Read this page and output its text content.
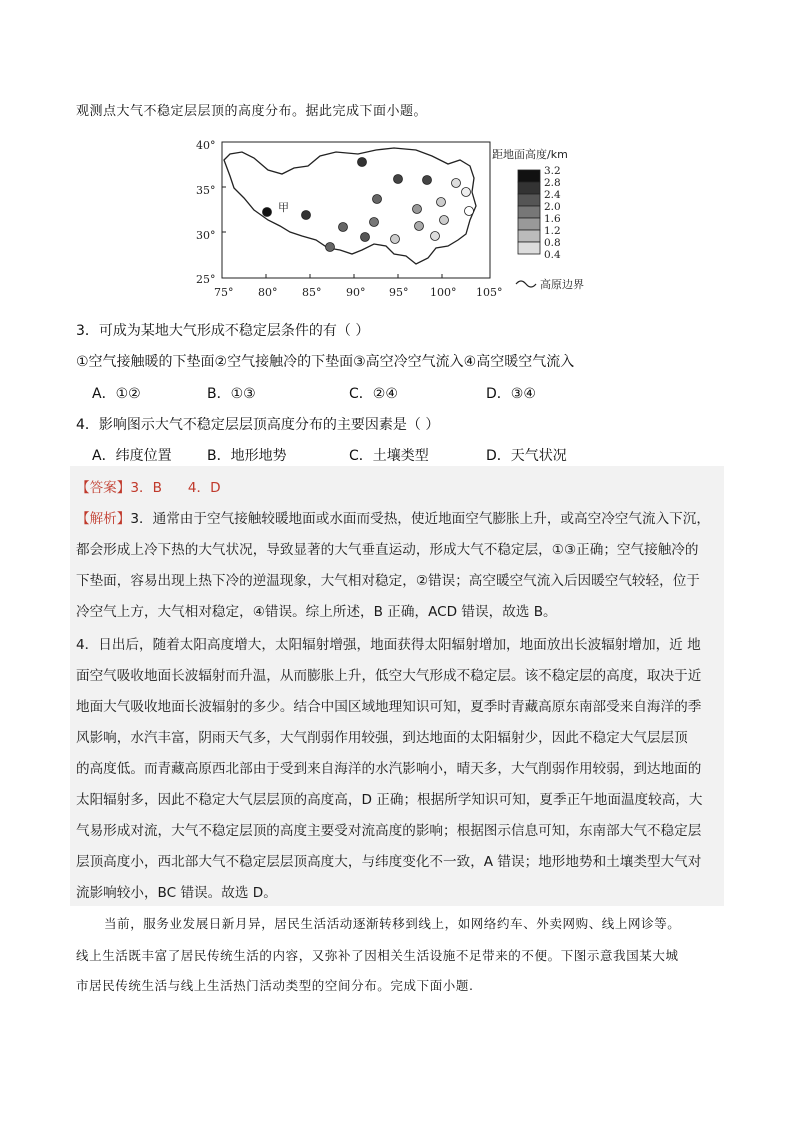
观测点大气不稳定层层顶的高度分布。据此完成下面小题。
40°
35°
30°
25°
75° 80° 85° 90° 95° 100° 105°
甲
距地面高度/km
3.2
2.8
2.4
2.0
1.6
1.2
0.8
0.4
高原边界
3．可成为某地大气形成不稳定层条件的有（ ）
①空气接触暖的下垫面②空气接触冷的下垫面③高空冷空气流入④高空暖空气流入
A．①②	B．①③	C．②④	D．③④
4．影响图示大气不稳定层层顶高度分布的主要因素是（ ）
A．纬度位置	B．地形地势	C．土壤类型	D．天气状况
【答案】3．B      4．D
【解析】3．通常由于空气接触较暖地面或水面而受热，使近地面空气膨胀上升，或高空冷空气流入下沉，
都会形成上冷下热的大气状况，导致显著的大气垂直运动，形成大气不稳定层，①③正确；空气接触冷的
下垫面，容易出现上热下冷的逆温现象，大气相对稳定，②错误；高空暖空气流入后因暖空气较轻，位于
冷空气上方，大气相对稳定，④错误。综上所述，B 正确，ACD 错误，故选 B。
4．日出后，随着太阳高度增大，太阳辐射增强，地面获得太阳辐射增加，地面放出长波辐射增加，近 地
面空气吸收地面长波辐射而升温，从而膨胀上升，低空大气形成不稳定层。该不稳定层的高度，取决于近
地面大气吸收地面长波辐射的多少。结合中国区域地理知识可知，夏季时青藏高原东南部受来自海洋的季
风影响，水汽丰富，阴雨天气多，大气削弱作用较强，到达地面的太阳辐射少，因此不稳定大气层层顶
的高度低。而青藏高原西北部由于受到来自海洋的水汽影响小，晴天多，大气削弱作用较弱，到达地面的
太阳辐射多，因此不稳定大气层层顶的高度高，D 正确；根据所学知识可知，夏季正午地面温度较高，大
气易形成对流，大气不稳定层顶的高度主要受对流高度的影响；根据图示信息可知，东南部大气不稳定层
层顶高度小，西北部大气不稳定层层顶高度大，与纬度变化不一致，A 错误；地形地势和土壤类型大气对
流影响较小，BC 错误。故选 D。
当前，服务业发展日新月异，居民生活活动逐渐转移到线上，如网络约车、外卖网购、线上网诊等。
线上生活既丰富了居民传统生活的内容，又弥补了因相关生活设施不足带来的不便。下图示意我国某大城
市居民传统生活与线上生活热门活动类型的空间分布。完成下面小题.
